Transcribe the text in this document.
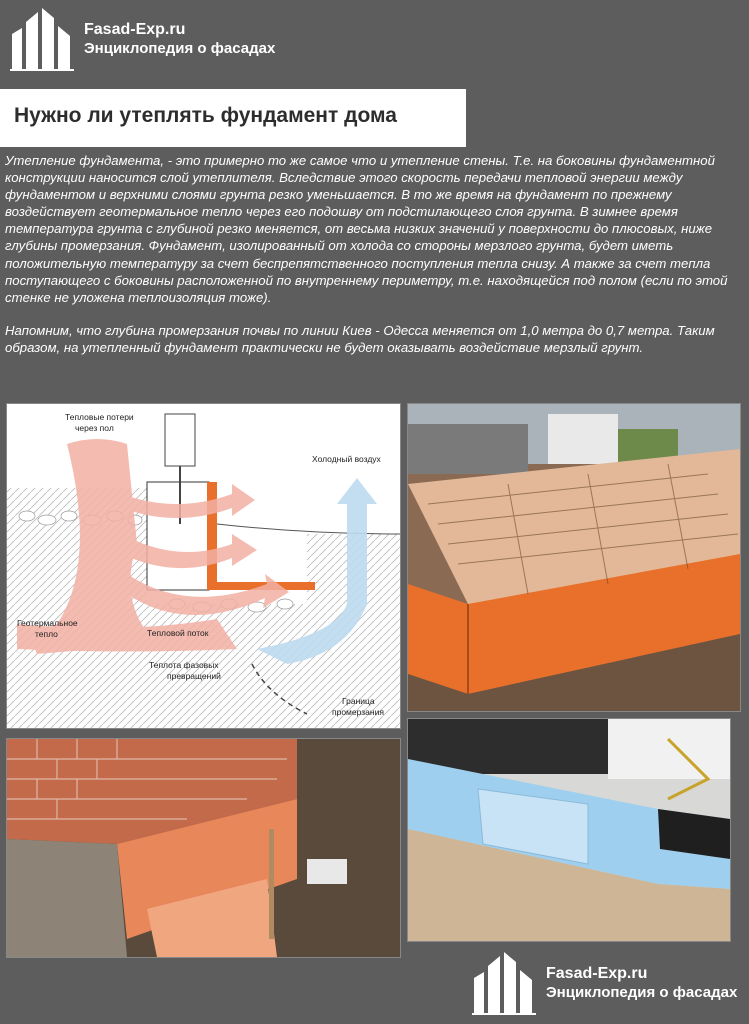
Fasad-Exp.ru
Энциклопедия о фасадах
Нужно ли утеплять фундамент дома

Утепление фундамента, - это примерно то же самое что и утепление стены. Т.е. на боковины фундаментной конструкции наносится слой утеплителя. Вследствие этого скорость передачи тепловой энергии между фундаментом и верхними слоями грунта резко уменьшается. В то же время на фундамент по прежнему воздействует геотермальное тепло через его подошву от подстилающего слоя грунта. В зимнее время температура грунта с глубиной резко меняется, от весьма низких значений у поверхности до плюсовых, ниже глубины промерзания. Фундамент, изолированный от холода со стороны мерзлого грунта, будет иметь положительную температуру за счет беспрепятственного поступления тепла снизу. А также за счет тепла поступающего с боковины расположенной по внутреннему периметру, т.е. находящейся под полом (если по этой стенке не уложена теплоизоляция тоже).

Напомним, что глубина промерзания почвы по линии Киев - Одесса меняется от 1,0 метра до 0,7 метра. Таким образом, на утепленный фундамент практически не будет оказывать воздействие мерзлый грунт.

Тепловые потери
через пол
Холодный воздух
Геотермальное
тепло	Тепловой поток
Теплота фазовых
превращений
Граница
промерзания
Fasad-Exp.ru
Энциклопедия о фасадах
